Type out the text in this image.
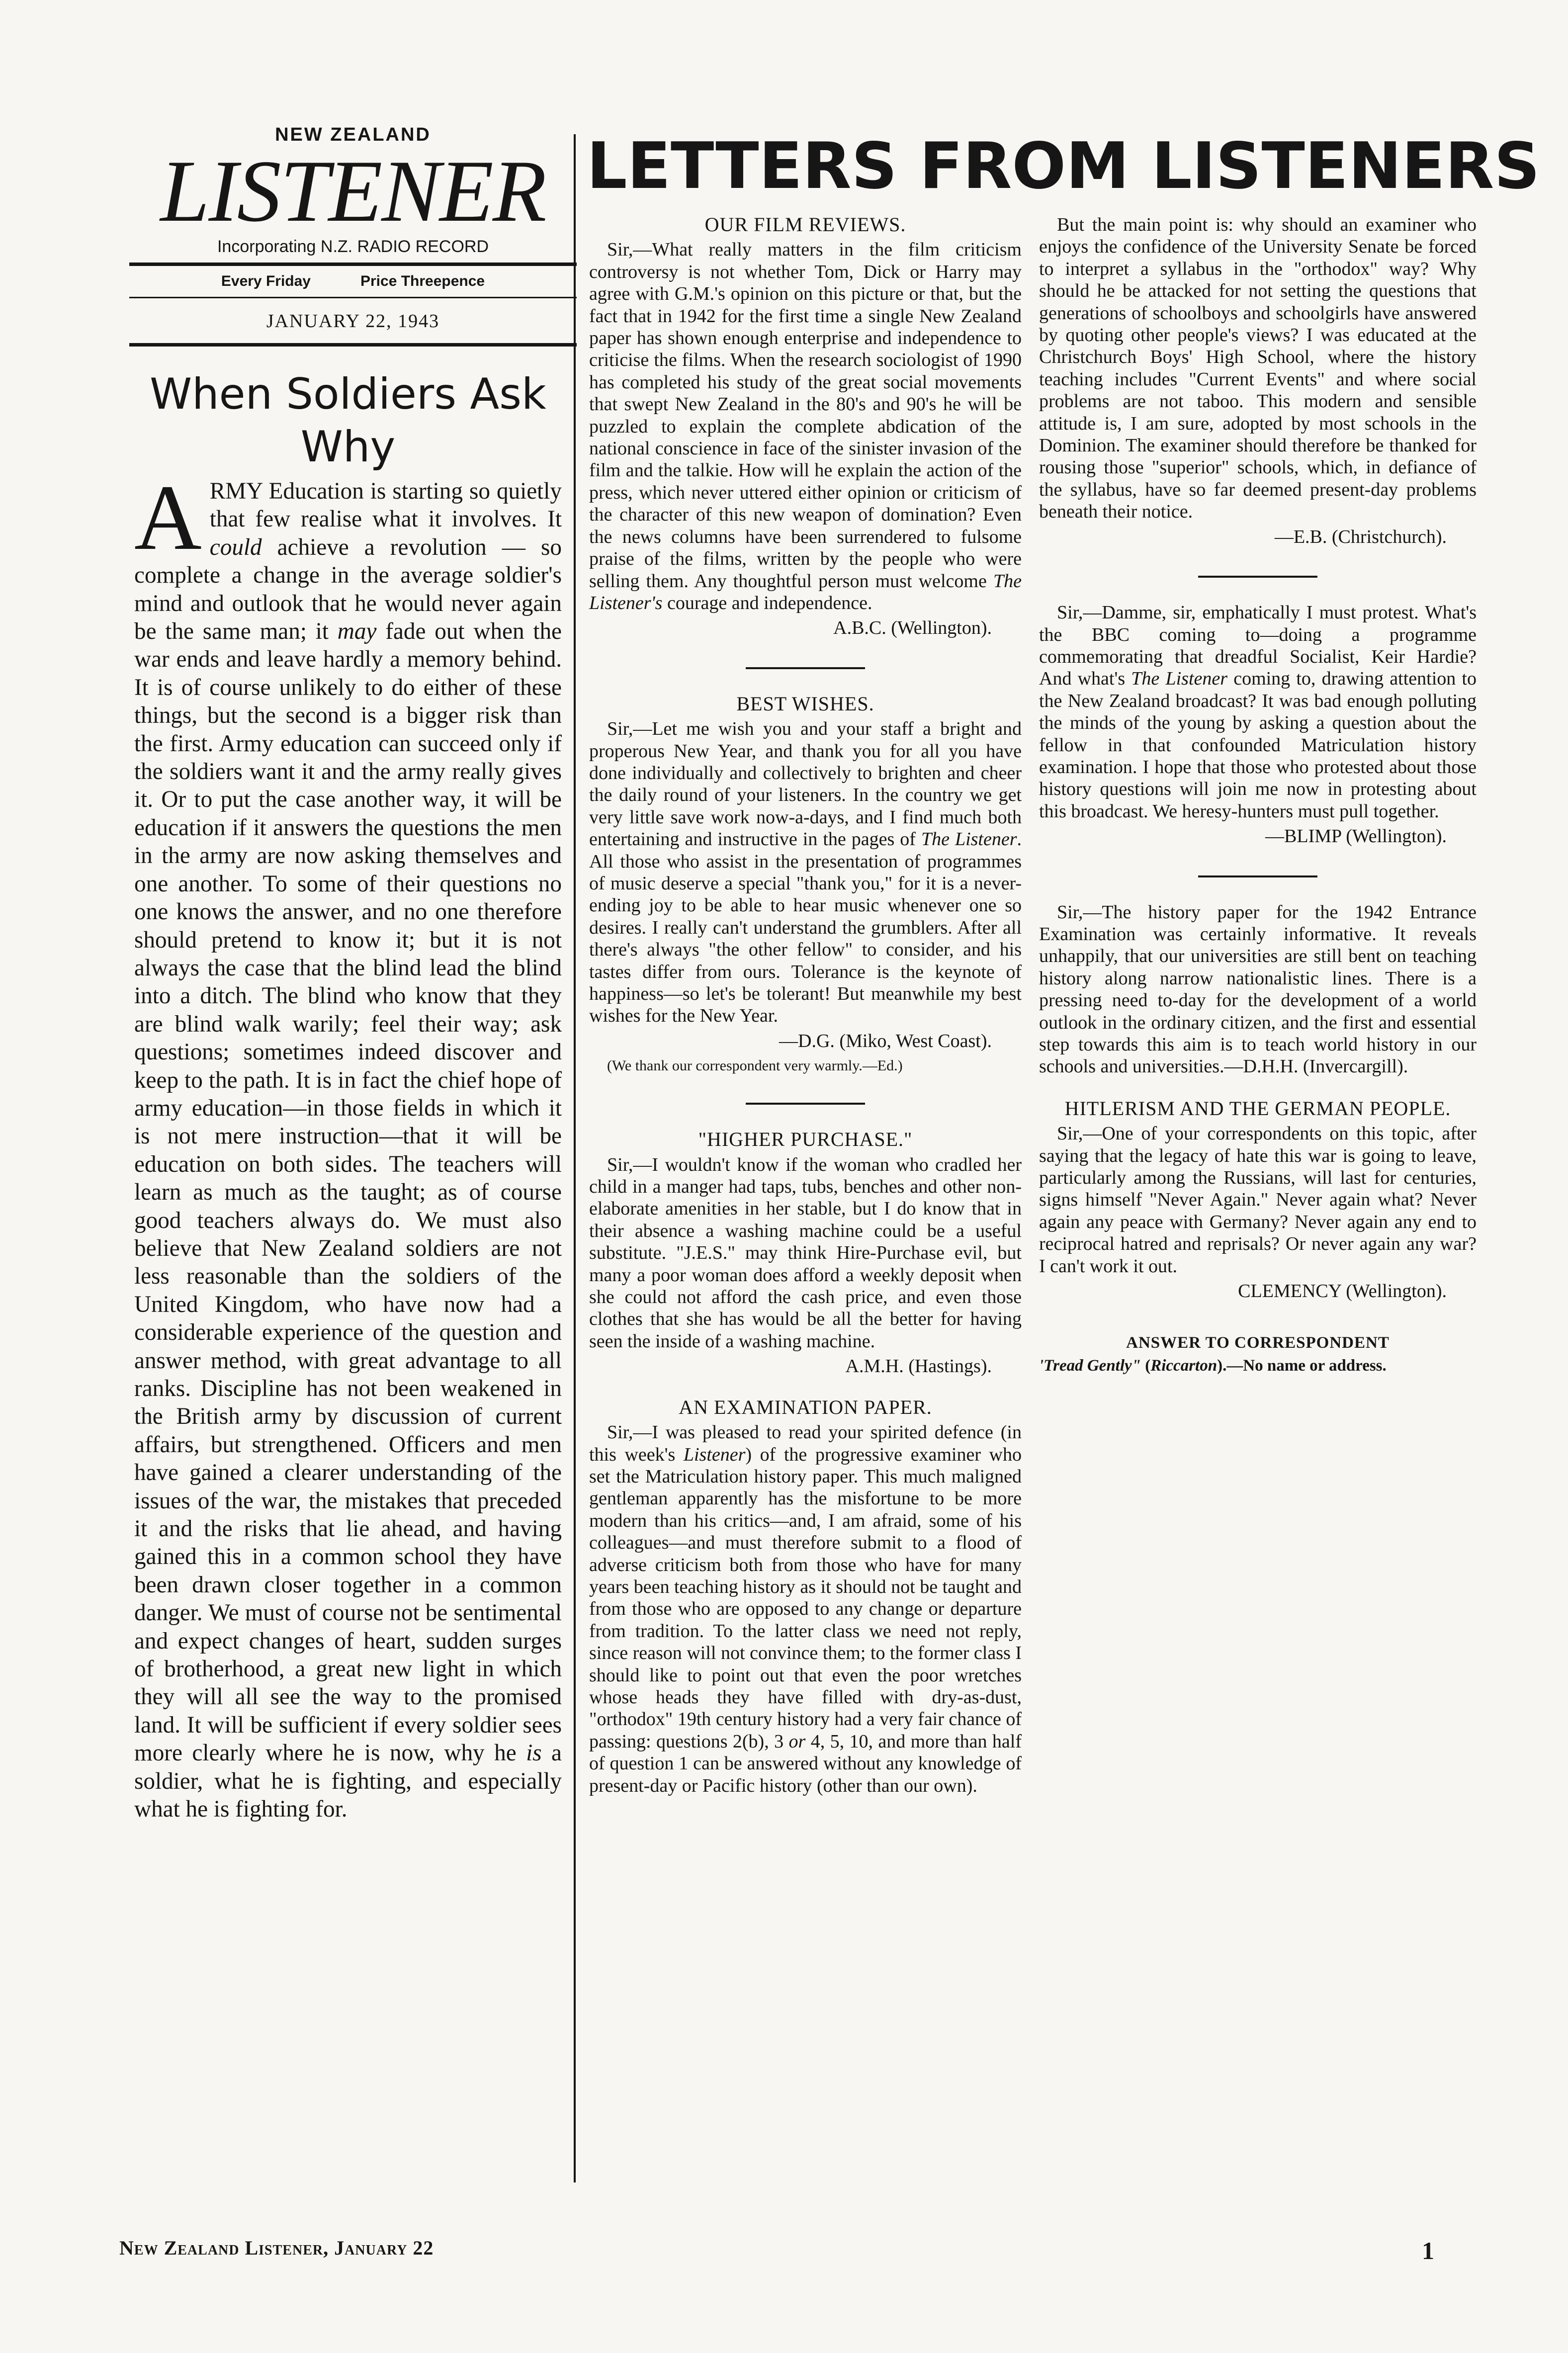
NEW ZEALAND
LISTENER
Incorporating N.Z. RADIO RECORD
Every Friday	Price Threepence
JANUARY 22, 1943
When Soldiers Ask Why
ARMY Education is starting so quietly that few realise what it involves. It could achieve a revolution — so complete a change in the average soldier's mind and outlook that he would never again be the same man; it may fade out when the war ends and leave hardly a memory behind. It is of course unlikely to do either of these things, but the second is a bigger risk than the first. Army education can succeed only if the soldiers want it and the army really gives it. Or to put the case another way, it will be education if it answers the questions the men in the army are now asking themselves and one another. To some of their questions no one knows the answer, and no one therefore should pretend to know it; but it is not always the case that the blind lead the blind into a ditch. The blind who know that they are blind walk warily; feel their way; ask questions; sometimes indeed discover and keep to the path. It is in fact the chief hope of army education—in those fields in which it is not mere instruction—that it will be education on both sides. The teachers will learn as much as the taught; as of course good teachers always do. We must also believe that New Zealand soldiers are not less reasonable than the soldiers of the United Kingdom, who have now had a considerable experience of the question and answer method, with great advantage to all ranks. Discipline has not been weakened in the British army by discussion of current affairs, but strengthened. Officers and men have gained a clearer understanding of the issues of the war, the mistakes that preceded it and the risks that lie ahead, and having gained this in a common school they have been drawn closer together in a common danger. We must of course not be sentimental and expect changes of heart, sudden surges of brotherhood, a great new light in which they will all see the way to the promised land. It will be sufficient if every soldier sees more clearly where he is now, why he is a soldier, what he is fighting, and especially what he is fighting for.
LETTERS FROM LISTENERS
OUR FILM REVIEWS.

Sir,—What really matters in the film criticism controversy is not whether Tom, Dick or Harry may agree with G.M.'s opinion on this picture or that, but the fact that in 1942 for the first time a single New Zealand paper has shown enough enterprise and independence to criticise the films. When the research sociologist of 1990 has completed his study of the great social movements that swept New Zealand in the 80's and 90's he will be puzzled to explain the complete abdication of the national conscience in face of the sinister invasion of the film and the talkie. How will he explain the action of the press, which never uttered either opinion or criticism of the character of this new weapon of domination? Even the news columns have been surrendered to fulsome praise of the films, written by the people who were selling them. Any thoughtful person must welcome The Listener's courage and independence.

A.B.C. (Wellington).

BEST WISHES.

Sir,—Let me wish you and your staff a bright and properous New Year, and thank you for all you have done individually and collectively to brighten and cheer the daily round of your listeners. In the country we get very little save work now-a-days, and I find much both entertaining and instructive in the pages of The Listener. All those who assist in the presentation of programmes of music deserve a special "thank you," for it is a never-ending joy to be able to hear music whenever one so desires. I really can't understand the grumblers. After all there's always "the other fellow" to consider, and his tastes differ from ours. Tolerance is the keynote of happiness—so let's be tolerant! But meanwhile my best wishes for the New Year.

—D.G. (Miko, West Coast).

(We thank our correspondent very warmly.—Ed.)

"HIGHER PURCHASE."

Sir,—I wouldn't know if the woman who cradled her child in a manger had taps, tubs, benches and other non-elaborate amenities in her stable, but I do know that in their absence a washing machine could be a useful substitute. "J.E.S." may think Hire-Purchase evil, but many a poor woman does afford a weekly deposit when she could not afford the cash price, and even those clothes that she has would be all the better for having seen the inside of a washing machine.

A.M.H. (Hastings).

AN EXAMINATION PAPER.

Sir,—I was pleased to read your spirited defence (in this week's Listener) of the progressive examiner who set the Matriculation history paper. This much maligned gentleman apparently has the misfortune to be more modern than his critics—and, I am afraid, some of his colleagues—and must therefore submit to a flood of adverse criticism both from those who have for many years been teaching history as it should not be taught and from those who are opposed to any change or departure from tradition. To the latter class we need not reply, since reason will not convince them; to the former class I should like to point out that even the poor wretches whose heads they have filled with dry-as-dust, "orthodox" 19th century history had a very fair chance of passing: questions 2(b), 3 or 4, 5, 10, and more than half of question 1 can be answered without any knowledge of present-day or Pacific history (other than our own).

But the main point is: why should an examiner who enjoys the confidence of the University Senate be forced to interpret a syllabus in the "orthodox" way? Why should he be attacked for not setting the questions that generations of schoolboys and schoolgirls have answered by quoting other people's views? I was educated at the Christchurch Boys' High School, where the history teaching includes "Current Events" and where social problems are not taboo. This modern and sensible attitude is, I am sure, adopted by most schools in the Dominion. The examiner should therefore be thanked for rousing those "superior" schools, which, in defiance of the syllabus, have so far deemed present-day problems beneath their notice.

—E.B. (Christchurch).

Sir,—Damme, sir, emphatically I must protest. What's the BBC coming to—doing a programme commemorating that dreadful Socialist, Keir Hardie? And what's The Listener coming to, drawing attention to the New Zealand broadcast? It was bad enough polluting the minds of the young by asking a question about the fellow in that confounded Matriculation history examination. I hope that those who protested about those history questions will join me now in protesting about this broadcast. We heresy-hunters must pull together.

—BLIMP (Wellington).

Sir,—The history paper for the 1942 Entrance Examination was certainly informative. It reveals unhappily, that our universities are still bent on teaching history along narrow nationalistic lines. There is a pressing need to-day for the development of a world outlook in the ordinary citizen, and the first and essential step towards this aim is to teach world history in our schools and universities.—D.H.H. (Invercargill).

HITLERISM AND THE GERMAN PEOPLE.

Sir,—One of your correspondents on this topic, after saying that the legacy of hate this war is going to leave, particularly among the Russians, will last for centuries, signs himself "Never Again." Never again what? Never again any peace with Germany? Never again any end to reciprocal hatred and reprisals? Or never again any war? I can't work it out.

CLEMENCY (Wellington).

ANSWER TO CORRESPONDENT
'Tread Gently" (Riccarton).—No name or address.
New Zealand Listener, January 22	1
